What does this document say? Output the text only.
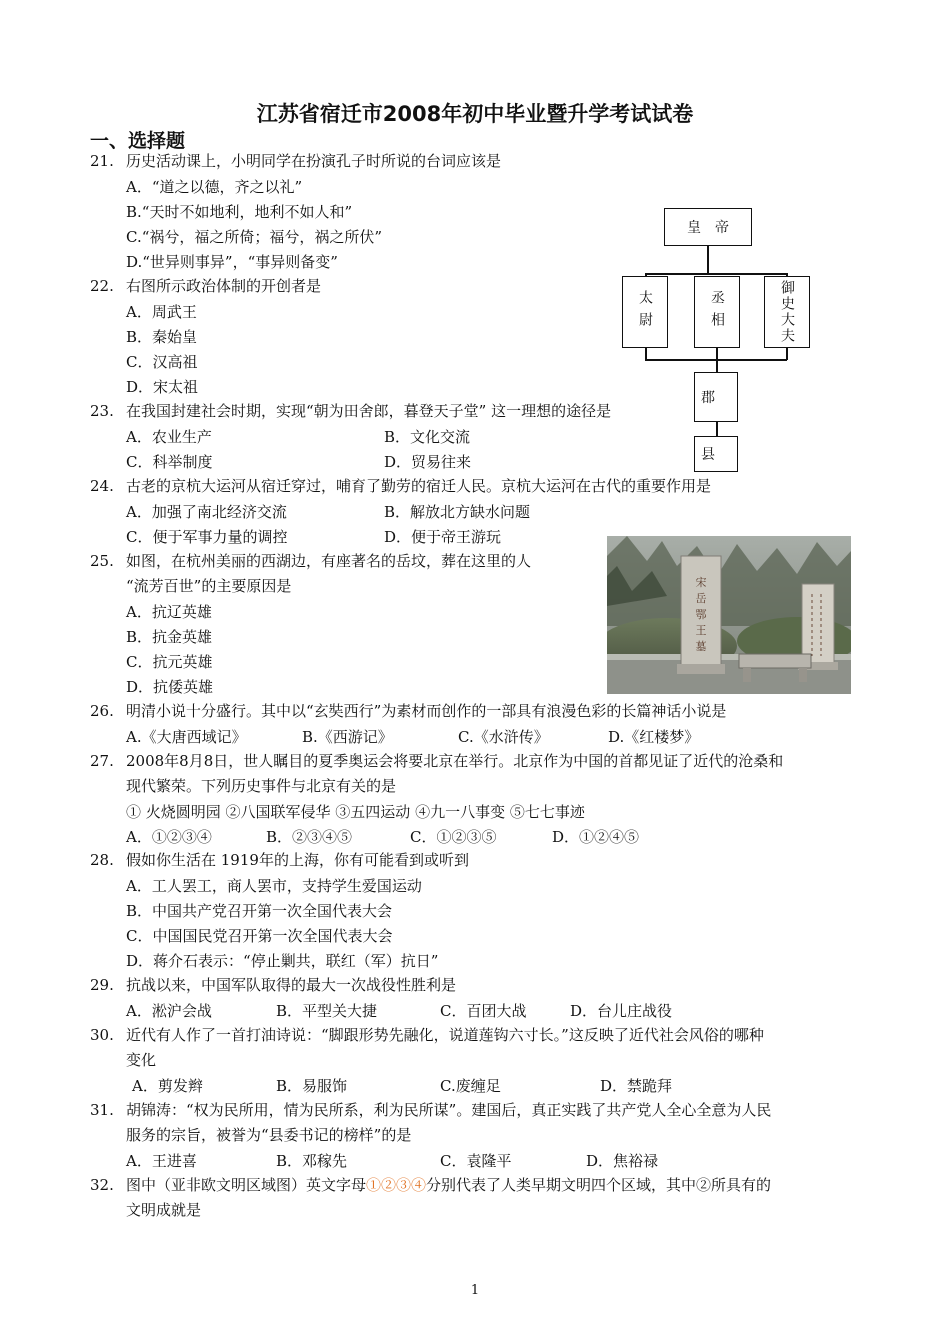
江苏省宿迁市2008年初中毕业暨升学考试试卷
一、选择题
21. 历史活动课上，小明同学在扮演孔子时所说的台词应该是
A．“道之以德，齐之以礼”
B.“天时不如地利，地利不如人和”
C.“祸兮，福之所倚；福兮，祸之所伏”
D.“世异则事异”，“事异则备变”
22. 右图所示政治体制的开创者是
A．周武王
B．秦始皇
C．汉高祖
D．宋太祖
皇　帝
太尉	丞相	御史大夫
郡
县
23. 在我国封建社会时期，实现“朝为田舍郎，暮登天子堂” 这一理想的途径是
A．农业生产	B．文化交流
C．科举制度	D．贸易往来
24. 古老的京杭大运河从宿迁穿过，哺育了勤劳的宿迁人民。京杭大运河在古代的重要作用是
A．加强了南北经济交流	B．解放北方缺水问题
C．便于军事力量的调控	D．便于帝王游玩
25. 如图，在杭州美丽的西湖边，有座著名的岳坟，葬在这里的人
“流芳百世”的主要原因是
A．抗辽英雄
B．抗金英雄
C．抗元英雄
D．抗倭英雄
宋
岳
鄂
王
墓
26. 明清小说十分盛行。其中以“玄奘西行”为素材而创作的一部具有浪漫色彩的长篇神话小说是
A.《大唐西域记》	B.《西游记》	C.《水浒传》	D.《红楼梦》
27. 2008年8月8日，世人瞩目的夏季奥运会将要北京在举行。北京作为中国的首都见证了近代的沧桑和
现代繁荣。下列历史事件与北京有关的是
① 火烧圆明园 ②八国联军侵华 ③五四运动 ④九一八事变 ⑤七七事迹
A．①②③④	B．②③④⑤	C．①②③⑤	D．①②④⑤
28. 假如你生活在 1919年的上海，你有可能看到或听到
A．工人罢工，商人罢市，支持学生爱国运动
B．中国共产党召开第一次全国代表大会
C．中国国民党召开第一次全国代表大会
D．蒋介石表示：“停止剿共，联红（军）抗日”
29. 抗战以来，中国军队取得的最大一次战役性胜利是
A．淞沪会战	B．平型关大捷	C．百团大战	D．台儿庄战役
30. 近代有人作了一首打油诗说：“脚跟形势先融化，说道莲钩六寸长。”这反映了近代社会风俗的哪种
变化
A．剪发辫	B．易服饰	C.废缠足	D．禁跪拜
31. 胡锦涛：“权为民所用，情为民所系，利为民所谋”。建国后，真正实践了共产党人全心全意为人民
服务的宗旨，被誉为“县委书记的榜样”的是
A．王进喜	B．邓稼先	C．袁隆平	D．焦裕禄
32. 图中（亚非欧文明区域图）英文字母①②③④分别代表了人类早期文明四个区域，其中②所具有的
文明成就是
1
